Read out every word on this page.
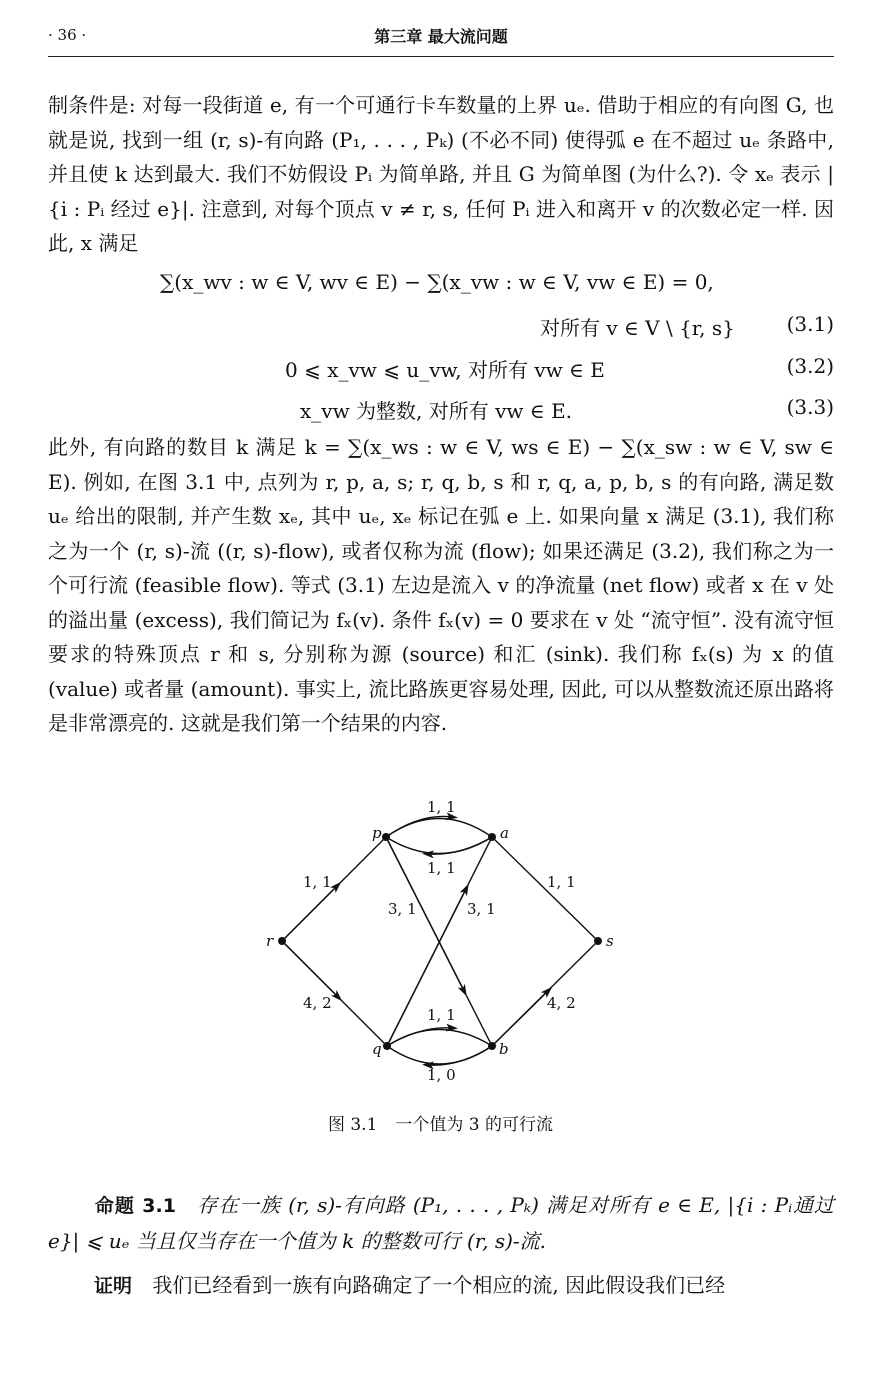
· 36 ·	第三章 最大流问题
制条件是: 对每一段街道 e, 有一个可通行卡车数量的上界 uₑ. 借助于相应的有向图 G, 也就是说, 找到一组 (r, s)-有向路 (P₁, . . . , Pₖ) (不必不同) 使得弧 e 在不超过 uₑ 条路中, 并且使 k 达到最大. 我们不妨假设 Pᵢ 为简单路, 并且 G 为简单图 (为什么?). 令 xₑ 表示 |{i : Pᵢ 经过 e}|. 注意到, 对每个顶点 v ≠ r, s, 任何 Pᵢ 进入和离开 v 的次数必定一样. 因此, x 满足
∑(x_wv : w ∈ V, wv ∈ E) − ∑(x_vw : w ∈ V, vw ∈ E) = 0,
对所有 v ∈ V \ {r, s}	(3.1)
0 ⩽ x_vw ⩽ u_vw, 对所有 vw ∈ E	(3.2)
x_vw 为整数, 对所有 vw ∈ E.	(3.3)
此外, 有向路的数目 k 满足 k = ∑(x_ws : w ∈ V, ws ∈ E) − ∑(x_sw : w ∈ V, sw ∈ E). 例如, 在图 3.1 中, 点列为 r, p, a, s; r, q, b, s 和 r, q, a, p, b, s 的有向路, 满足数 uₑ 给出的限制, 并产生数 xₑ, 其中 uₑ, xₑ 标记在弧 e 上. 如果向量 x 满足 (3.1), 我们称之为一个 (r, s)-流 ((r, s)-flow), 或者仅称为流 (flow); 如果还满足 (3.2), 我们称之为一个可行流 (feasible flow). 等式 (3.1) 左边是流入 v 的净流量 (net flow) 或者 x 在 v 处的溢出量 (excess), 我们简记为 fₓ(v). 条件 fₓ(v) = 0 要求在 v 处 “流守恒”. 没有流守恒要求的特殊顶点 r 和 s, 分别称为源 (source) 和汇 (sink). 我们称 fₓ(s) 为 x 的值 (value) 或者量 (amount). 事实上, 流比路族更容易处理, 因此, 可以从整数流还原出路将是非常漂亮的. 这就是我们第一个结果的内容.
r
p	a
s
q	b
1, 1
1, 1
1, 1	1, 1
3, 1	3, 1
4, 2	4, 2
1, 1
1, 0
图 3.1 一个值为 3 的可行流
命题 3.1 存在一族 (r, s)-有向路 (P₁, . . . , Pₖ) 满足对所有 e ∈ E, |{i : Pᵢ通过 e}| ⩽ uₑ 当且仅当存在一个值为 k 的整数可行 (r, s)-流.
证明 我们已经看到一族有向路确定了一个相应的流, 因此假设我们已经
